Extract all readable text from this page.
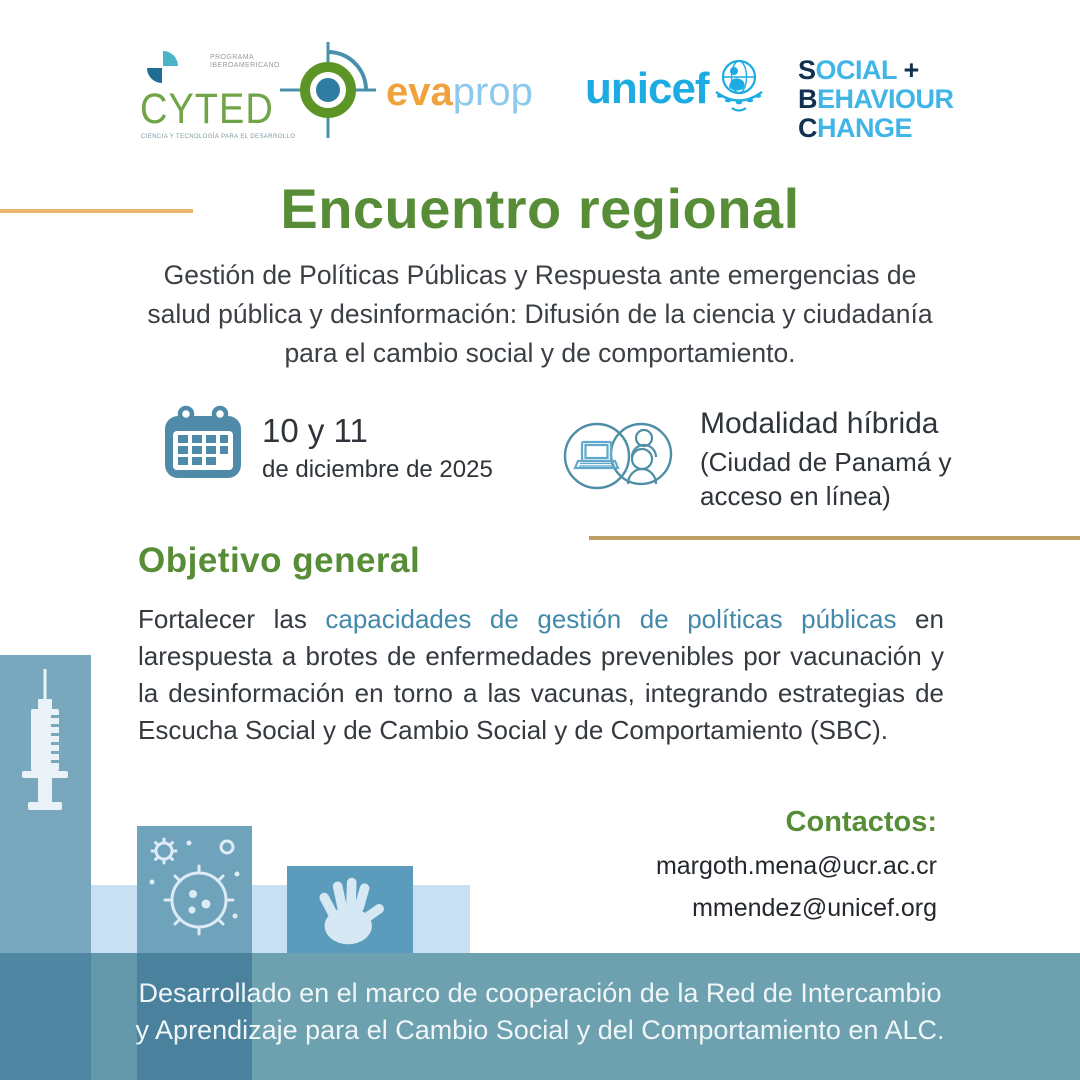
PROGRAMA
IBEROAMERICANO
CYTED
CIENCIA Y TECNOLOGÍA PARA EL DESARROLLO
evaprop unicef	SOCIAL +
BEHAVIOUR
CHANGE
Encuentro regional
Gestión de Políticas Públicas y Respuesta ante emergencias de
salud pública y desinformación: Difusión de la ciencia y ciudadanía
para el cambio social y de comportamiento.
10 y 11
de diciembre de 2025
Modalidad híbrida
(Ciudad de Panamá y
acceso en línea)
Objetivo general
Fortalecer las capacidades de gestión de políticas públicas en larespuesta a brotes de enfermedades prevenibles por vacunación y la desinformación en torno a las vacunas, integrando estrategias de Escucha Social y de Cambio Social y de Comportamiento (SBC).
Contactos:
margoth.mena@ucr.ac.cr
mmendez@unicef.org
Desarrollado en el marco de cooperación de la Red de Intercambio
y Aprendizaje para el Cambio Social y del Comportamiento en ALC.
